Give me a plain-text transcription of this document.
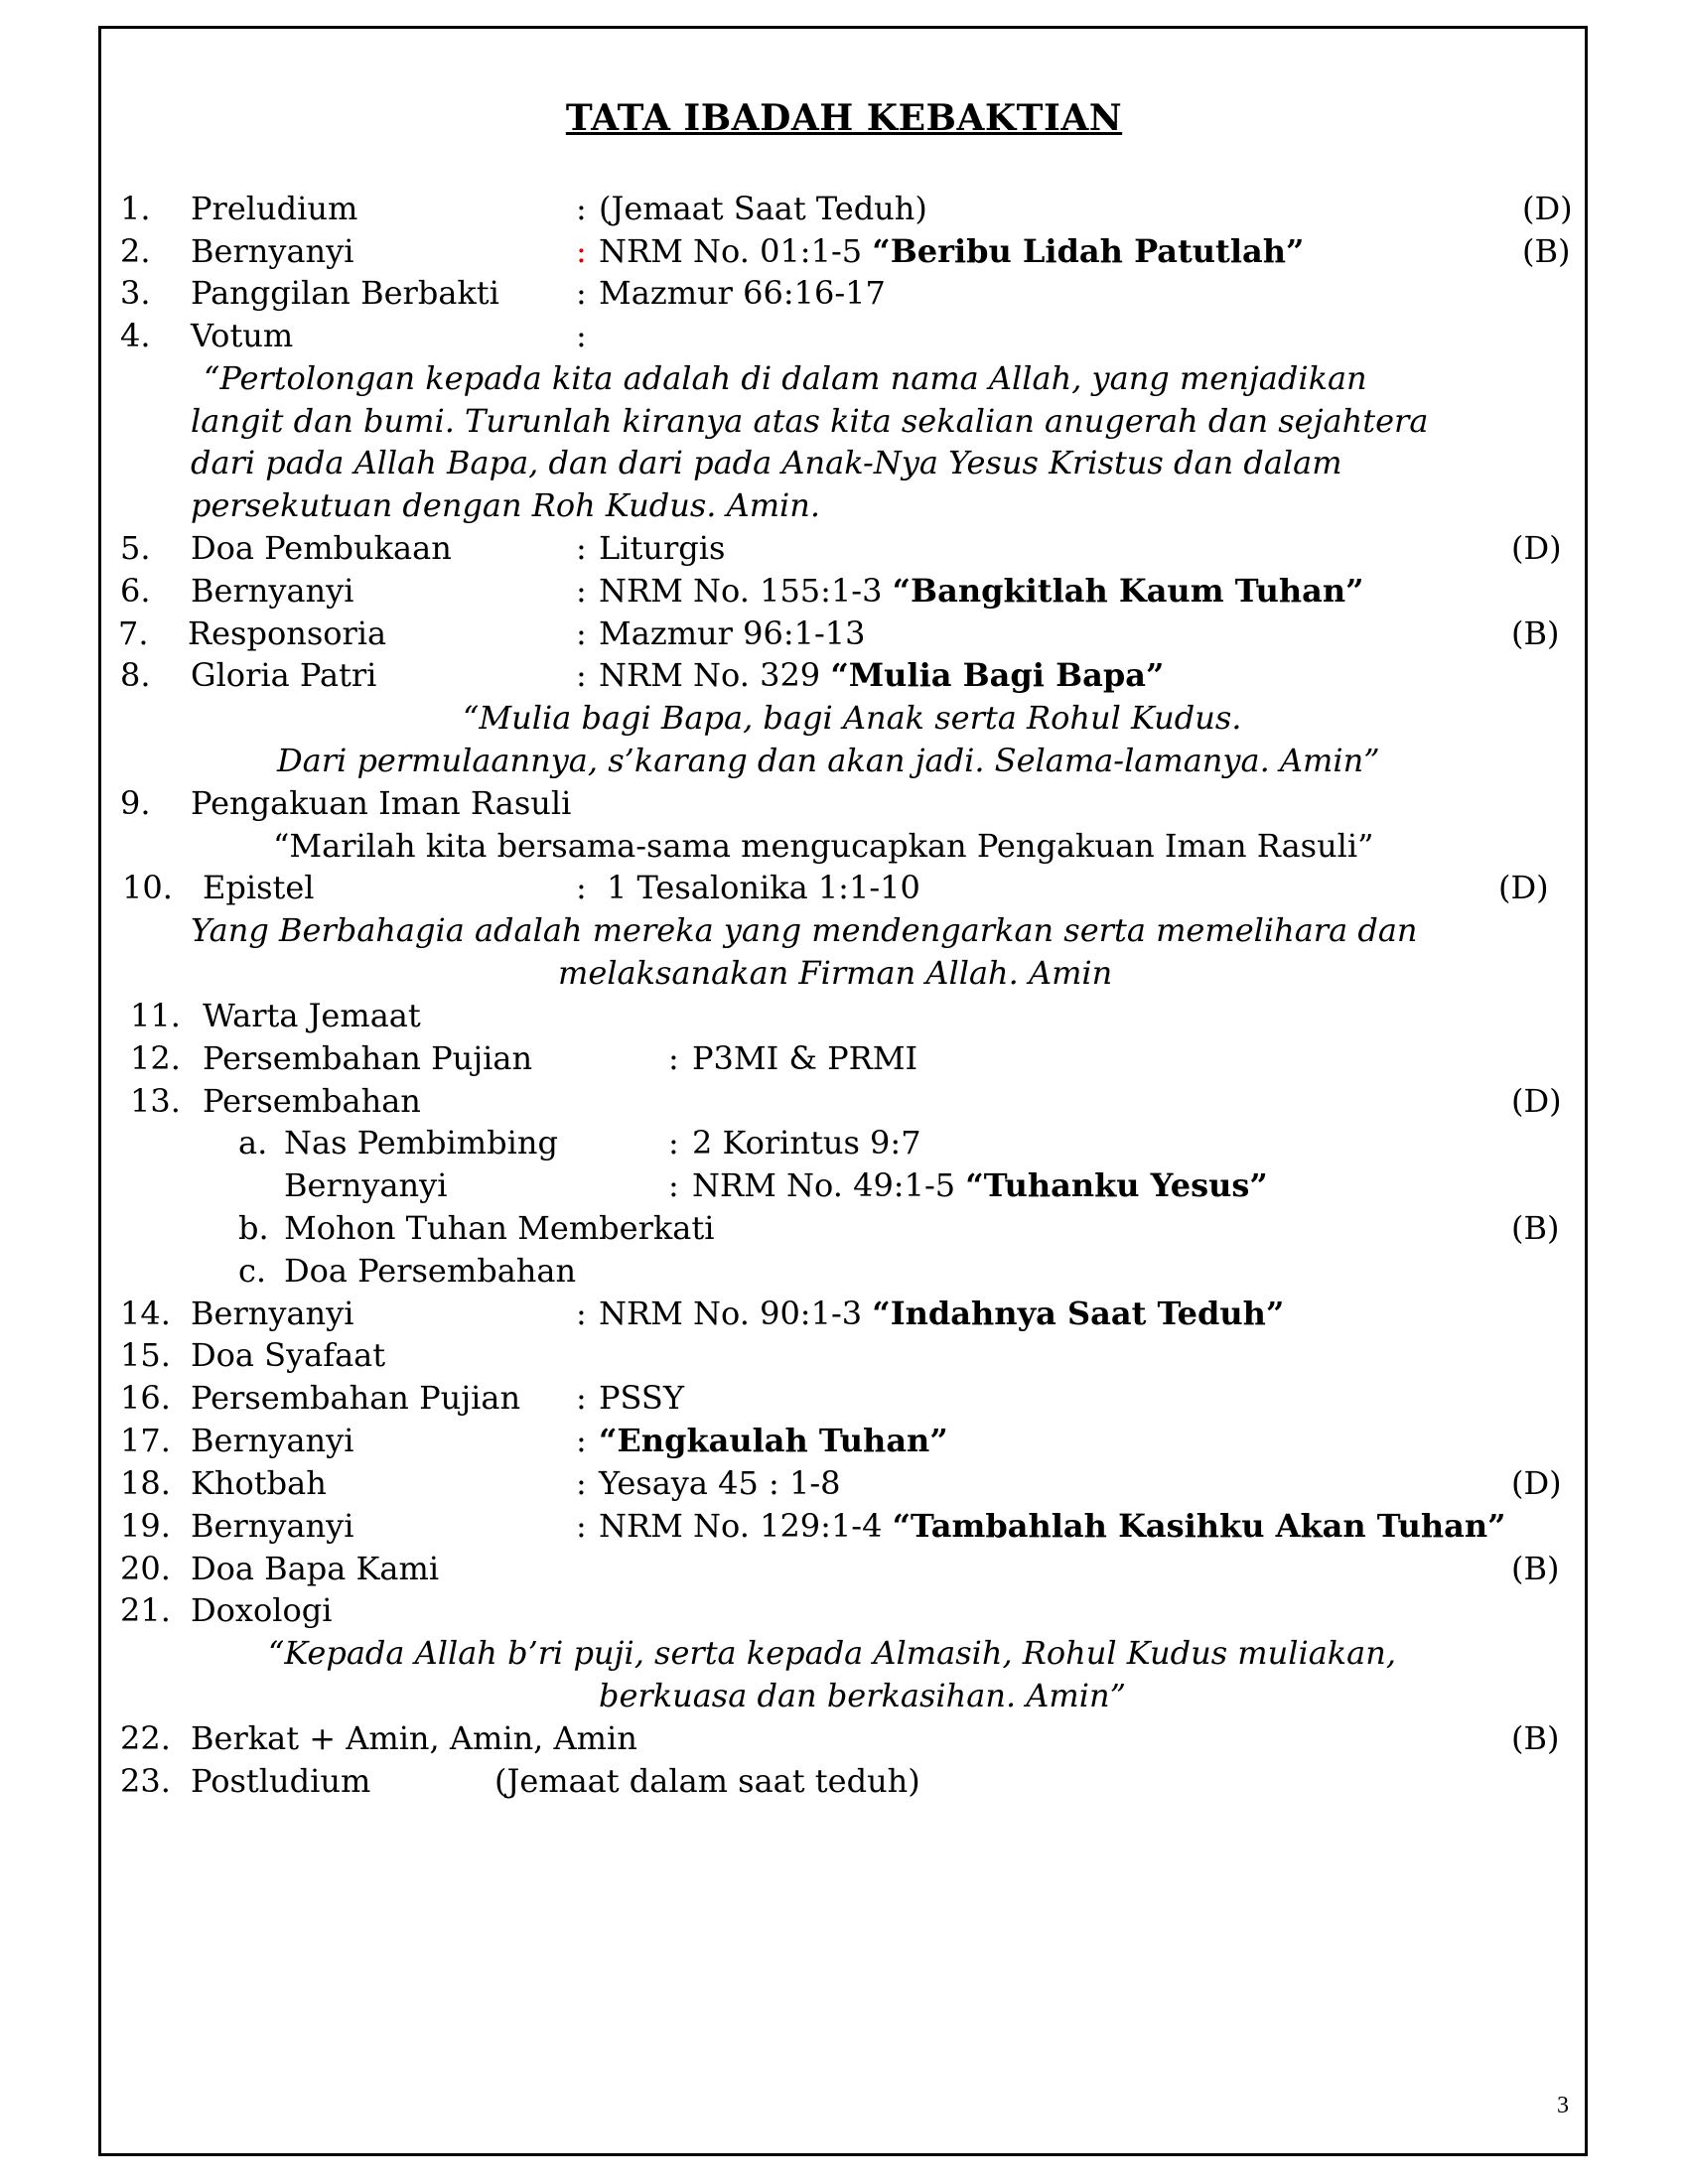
TATA IBADAH KEBAKTIAN
1. Preludium	: (Jemaat Saat Teduh)	(D)
2. Bernyanyi	: NRM No. 01:1-5 “Beribu Lidah Patutlah”	(B)
3. Panggilan Berbakti : Mazmur 66:16-17
4. Votum	:
“Pertolongan kepada kita adalah di dalam nama Allah, yang menjadikan
langit dan bumi. Turunlah kiranya atas kita sekalian anugerah dan sejahtera
dari pada Allah Bapa, dan dari pada Anak-Nya Yesus Kristus dan dalam
persekutuan dengan Roh Kudus. Amin.
5. Doa Pembukaan	: Liturgis	(D)
6. Bernyanyi	: NRM No. 155:1-3 “Bangkitlah Kaum Tuhan”
7. Responsoria	: Mazmur 96:1-13	(B)
8. Gloria Patri	: NRM No. 329 “Mulia Bagi Bapa”
“Mulia bagi Bapa, bagi Anak serta Rohul Kudus.
Dari permulaannya, s’karang dan akan jadi. Selama-lamanya. Amin”
9. Pengakuan Iman Rasuli
“Marilah kita bersama-sama mengucapkan Pengakuan Iman Rasuli”
10. Epistel	: 1 Tesalonika 1:1-10	(D)
Yang Berbahagia adalah mereka yang mendengarkan serta memelihara dan
melaksanakan Firman Allah. Amin
11. Warta Jemaat
12. Persembahan Pujian	: P3MI & PRMI
13. Persembahan	(D)
a. Nas Pembimbing	: 2 Korintus 9:7
Bernyanyi	: NRM No. 49:1-5 “Tuhanku Yesus”
b. Mohon Tuhan Memberkati	(B)
c. Doa Persembahan
14. Bernyanyi	: NRM No. 90:1-3 “Indahnya Saat Teduh”
15. Doa Syafaat
16. Persembahan Pujian : PSSY
17. Bernyanyi	: “Engkaulah Tuhan”
18. Khotbah	: Yesaya 45 : 1-8	(D)
19. Bernyanyi	: NRM No. 129:1-4 “Tambahlah Kasihku Akan Tuhan”
20. Doa Bapa Kami	(B)
21. Doxologi
“Kepada Allah b’ri puji, serta kepada Almasih, Rohul Kudus muliakan,
berkuasa dan berkasihan. Amin”
22. Berkat + Amin, Amin, Amin	(B)
23. Postludium	(Jemaat dalam saat teduh)
3
